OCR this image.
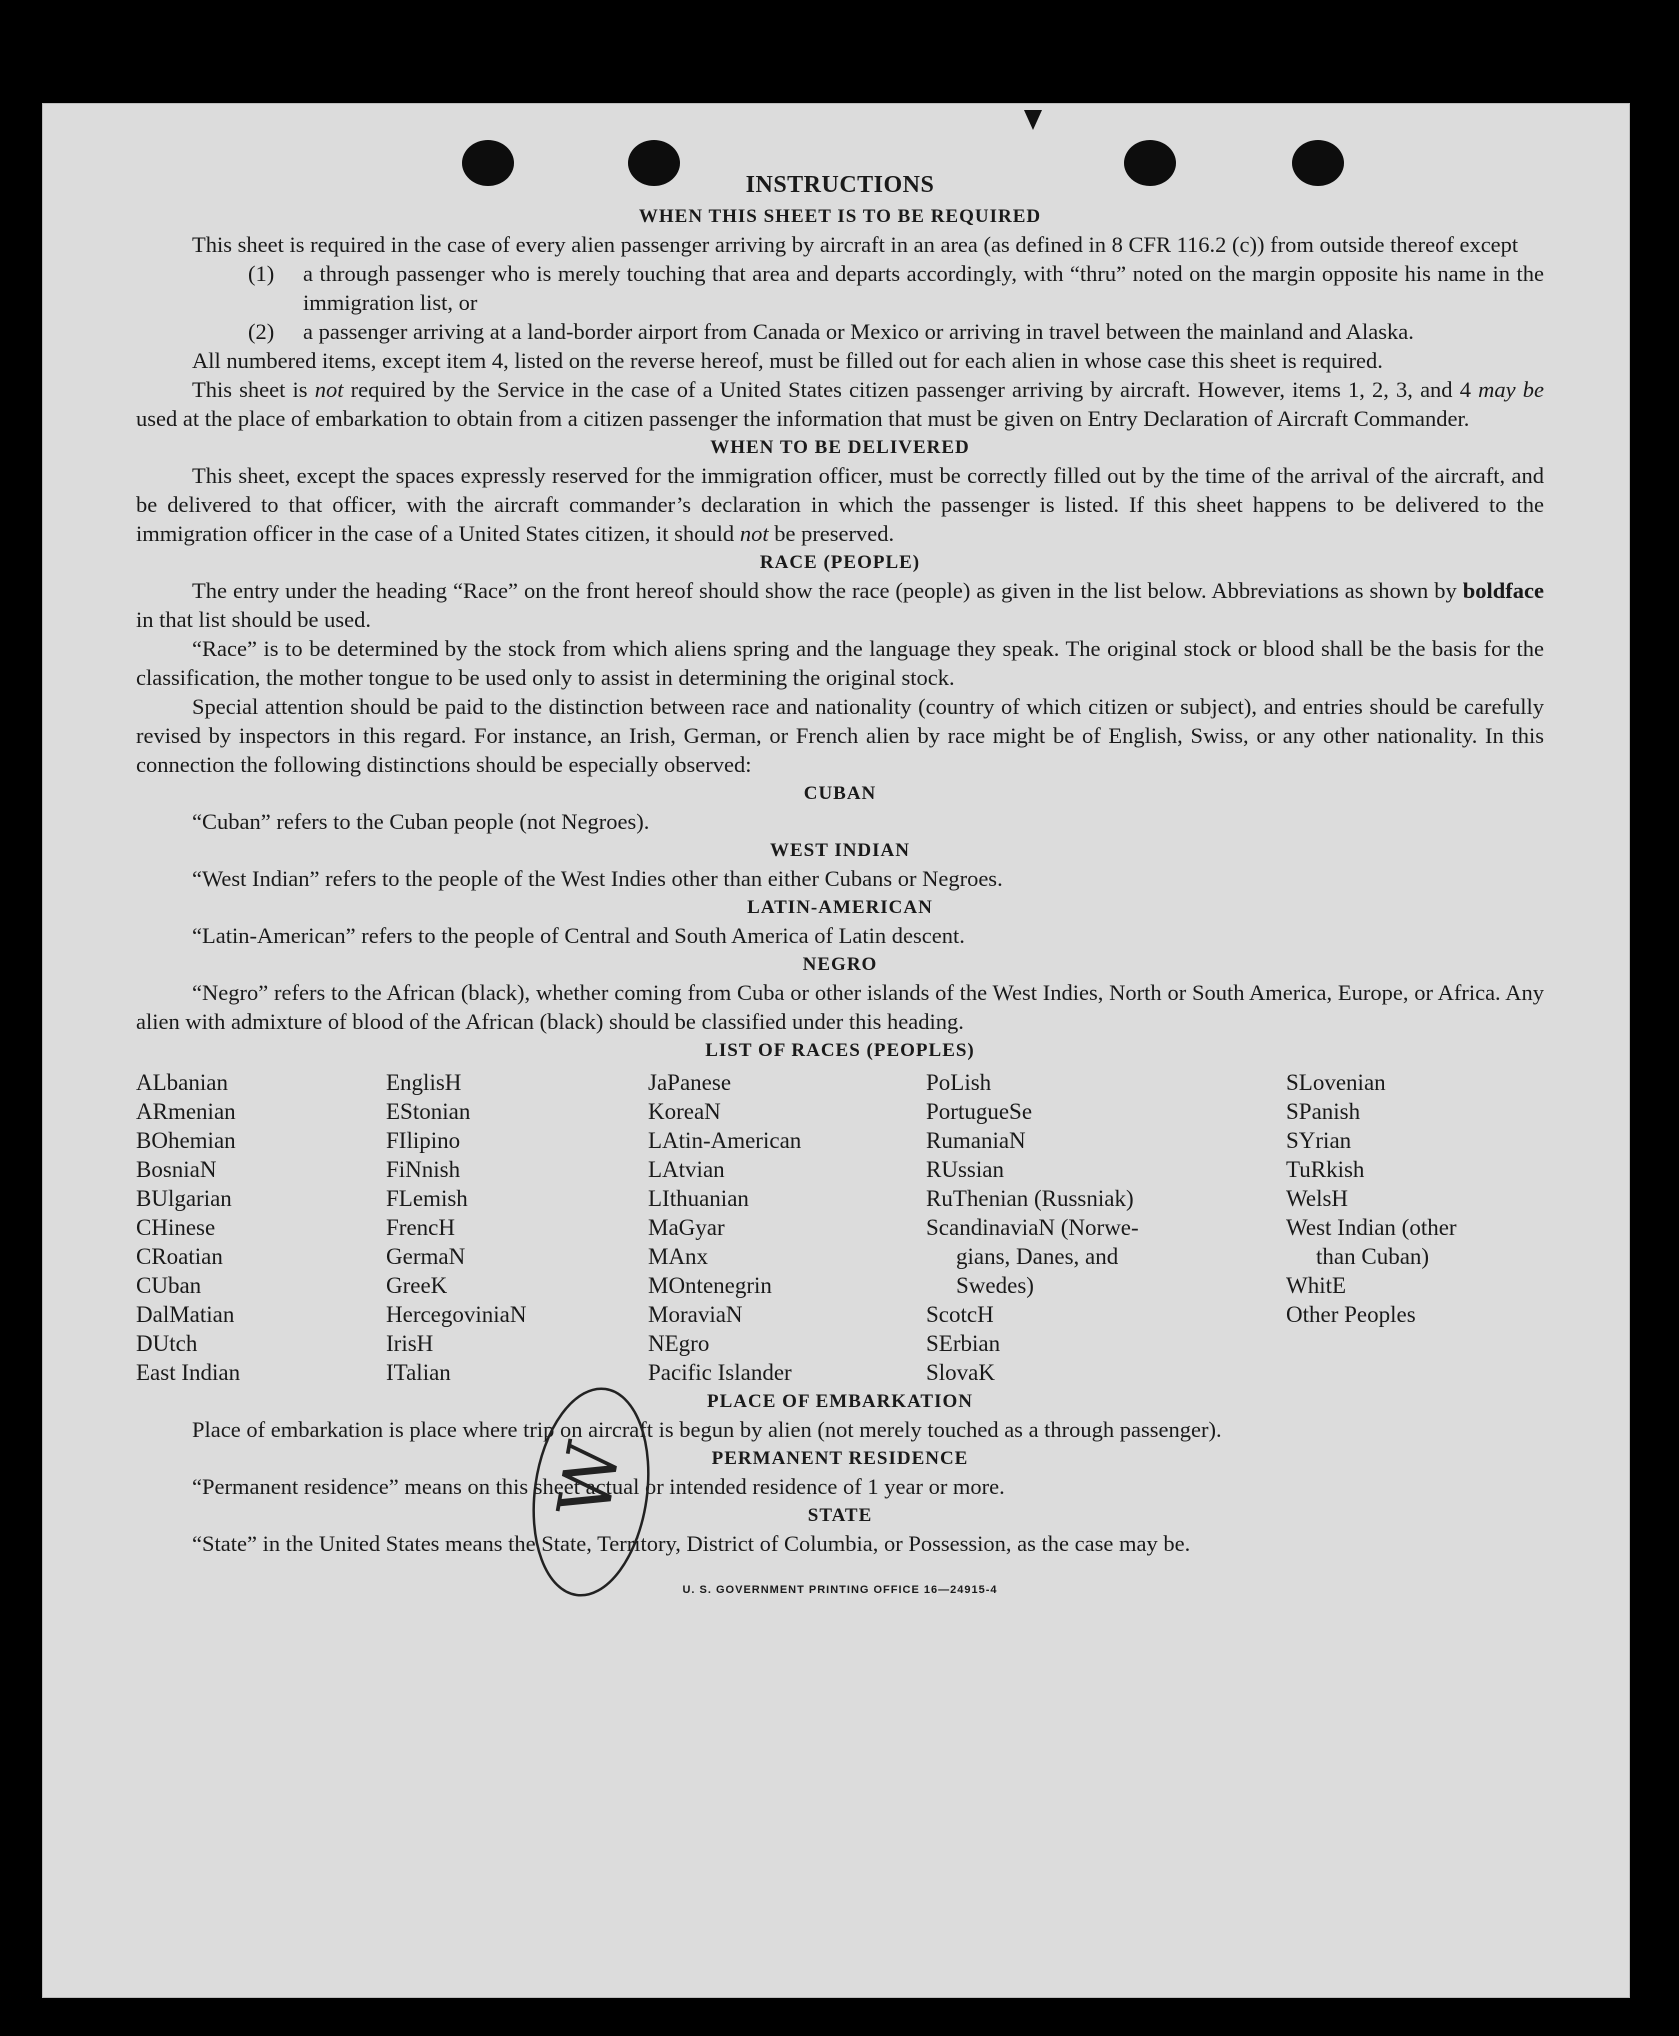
INSTRUCTIONS
WHEN THIS SHEET IS TO BE REQUIRED

This sheet is required in the case of every alien passenger arriving by aircraft in an area (as defined in 8 CFR 116.2 (c)) from outside thereof except

(1) a through passenger who is merely touching that area and departs accordingly, with “thru” noted on the margin opposite his name in the immigration list, or
(2) a passenger arriving at a land-border airport from Canada or Mexico or arriving in travel between the mainland and Alaska.

All numbered items, except item 4, listed on the reverse hereof, must be filled out for each alien in whose case this sheet is required.

This sheet is not required by the Service in the case of a United States citizen passenger arriving by aircraft. However, items 1, 2, 3, and 4 may be used at the place of embarkation to obtain from a citizen passenger the information that must be given on Entry Declaration of Aircraft Commander.

WHEN TO BE DELIVERED

This sheet, except the spaces expressly reserved for the immigration officer, must be correctly filled out by the time of the arrival of the aircraft, and be delivered to that officer, with the aircraft commander’s declaration in which the passenger is listed. If this sheet happens to be delivered to the immigration officer in the case of a United States citizen, it should not be preserved.

RACE (PEOPLE)

The entry under the heading “Race” on the front hereof should show the race (people) as given in the list below. Abbreviations as shown by boldface in that list should be used.

“Race” is to be determined by the stock from which aliens spring and the language they speak. The original stock or blood shall be the basis for the classification, the mother tongue to be used only to assist in determining the original stock.

Special attention should be paid to the distinction between race and nationality (country of which citizen or subject), and entries should be carefully revised by inspectors in this regard. For instance, an Irish, German, or French alien by race might be of English, Swiss, or any other nationality. In this connection the following distinctions should be especially observed:

CUBAN

“Cuban” refers to the Cuban people (not Negroes).

WEST INDIAN

“West Indian” refers to the people of the West Indies other than either Cubans or Negroes.

LATIN-AMERICAN

“Latin-American” refers to the people of Central and South America of Latin descent.

NEGRO

“Negro” refers to the African (black), whether coming from Cuba or other islands of the West Indies, North or South America, Europe, or Africa. Any alien with admixture of blood of the African (black) should be classified under this heading.

LIST OF RACES (PEOPLES)
ALbanian
ARmenian
BOhemian
BosniaN
BUlgarian
CHinese
CRoatian
CUban
DalMatian
DUtch
East Indian
EnglisH
EStonian
FIlipino
FiNnish
FLemish
FrencH
GermaN
GreeK
HercegoviniaN
IrisH
ITalian
JaPanese
KoreaN
LAtin-American
LAtvian
LIthuanian
MaGyar
MAnx
MOntenegrin
MoraviaN
NEgro
Pacific Islander
PoLish
PortugueSe
RumaniaN
RUssian
RuThenian (Russniak)
ScandinaviaN (Norwe-
gians, Danes, and
Swedes)
ScotcH
SErbian
SlovaK
SLovenian
SPanish
SYrian
TuRkish
WelsH
West Indian (other
than Cuban)
WhitE
Other Peoples
PLACE OF EMBARKATION

Place of embarkation is place where trip on aircraft is begun by alien (not merely touched as a through passenger).

PERMANENT RESIDENCE

“Permanent residence” means on this sheet actual or intended residence of 1 year or more.

STATE

“State” in the United States means the State, Territory, District of Columbia, or Possession, as the case may be.

U. S. GOVERNMENT PRINTING OFFICE 16—24915-4
W
